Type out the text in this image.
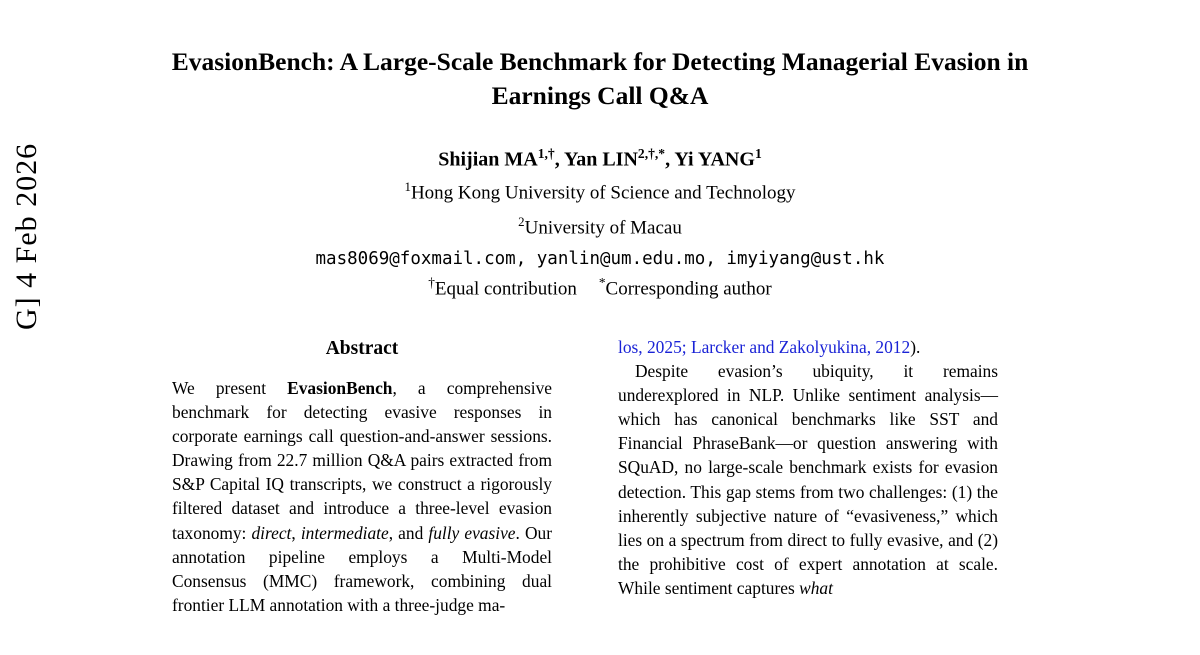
G] 4 Feb 2026
EvasionBench: A Large-Scale Benchmark for Detecting Managerial Evasion in Earnings Call Q&A
Shijian $MA^{1,\dagger}$, Yan $LIN^{2,\dagger,*}$, Yi YANG$^1$
$^1$Hong Kong University of Science and Technology
$^2$University of Macau
mas8069@foxmail.com, yanlin@um.edu.mo, imyiyang@ust.hk
†Equal contribution *Corresponding author
Abstract

We present EvasionBench, a comprehensive benchmark for detecting evasive responses in corporate earnings call question-and-answer sessions. Drawing from 22.7 million Q&A pairs extracted from S&P Capital IQ transcripts, we construct a rigorously filtered dataset and introduce a three-level evasion taxonomy: direct, intermediate, and fully evasive. Our annotation pipeline employs a Multi-Model Consensus (MMC) framework, combining dual frontier LLM annotation with a three-judge ma-

los, 2025; Larcker and Zakolyukina, 2012).

Despite evasion’s ubiquity, it remains underexplored in NLP. Unlike sentiment analysis—which has canonical benchmarks like SST and Financial PhraseBank—or question answering with SQuAD, no large-scale benchmark exists for evasion detection. This gap stems from two challenges: (1) the inherently subjective nature of “evasiveness,” which lies on a spectrum from direct to fully evasive, and (2) the prohibitive cost of expert annotation at scale. While sentiment captures what
